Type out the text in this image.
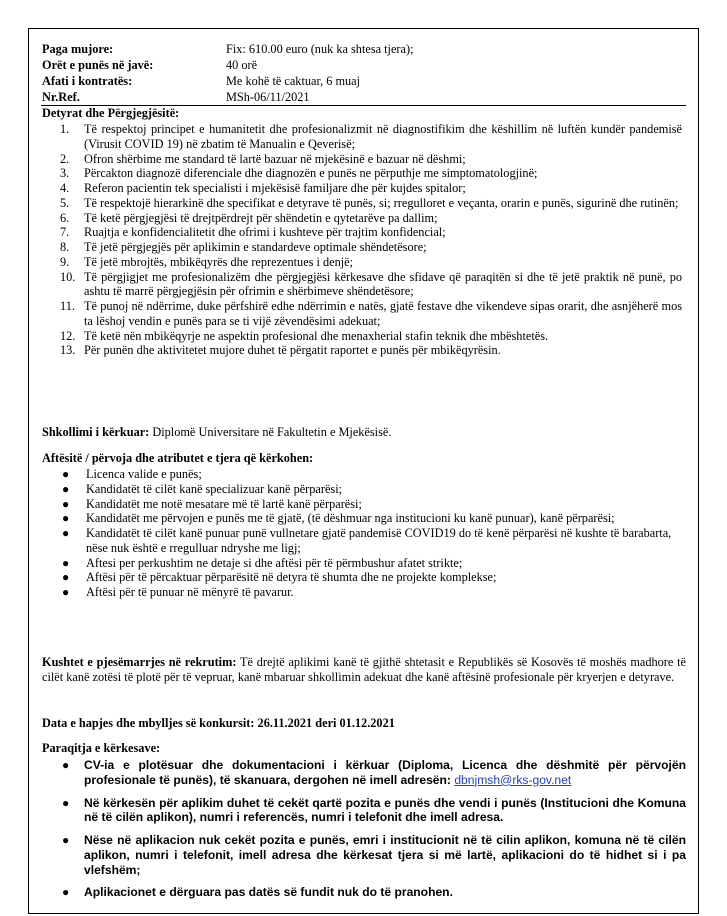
Paga mujore:	Fix: 610.00 euro (nuk ka shtesa tjera);
Orët e punës në javë:	40 orë
Afati i kontratës:	Me kohë të caktuar, 6 muaj
Nr.Ref.	MSh-06/11/2021
Detyrat dhe Përgjegjësitë:
1. Të respektoj principet e humanitetit dhe profesionalizmit në diagnostifikim dhe këshillim në luftën kundër pandemisë (Virusit COVID 19) në zbatim të Manualin e Qeverisë;
2. Ofron shërbime me standard të lartë bazuar në mjekësinë e bazuar në dëshmi;
3. Përcakton diagnozë diferenciale dhe diagnozën e punës ne përputhje me simptomatologjinë;
4. Referon pacientin tek specialisti i mjekësisë familjare dhe për kujdes spitalor;
5. Të respektojë hierarkinë dhe specifikat e detyrave të punës, si; rregulloret e veçanta, orarin e punës, sigurinë dhe rutinën;
6. Të ketë përgjegjësi të drejtpërdrejt për shëndetin e qytetarëve pa dallim;
7. Ruajtja e konfidencialitetit dhe ofrimi i kushteve për trajtim konfidencial;
8. Të jetë përgjegjës për aplikimin e standardeve optimale shëndetësore;
9. Të jetë mbrojtës, mbikëqyrës dhe reprezentues i denjë;
10. Të përgjigjet me profesionalizëm dhe përgjegjësi kërkesave dhe sfidave që paraqitën si dhe të jetë praktik në punë, po ashtu të marrë përgjegjësin për ofrimin e shërbimeve shëndetësore;
11. Të punoj në ndërrime, duke përfshirë edhe ndërrimin e natës, gjatë festave dhe vikendeve sipas orarit, dhe asnjëherë mos ta lëshoj vendin e punës para se ti vijë zëvendësimi adekuat;
12. Të ketë nën mbikëqyrje ne aspektin profesional dhe menaxherial stafin teknik dhe mbështetës.
13. Për punën dhe aktivitetet mujore duhet të përgatit raportet e punës për mbikëqyrësin.
Shkollimi i kërkuar: Diplomë Universitare në Fakultetin e Mjekësisë.
Aftësitë / përvoja dhe atributet e tjera që kërkohen:
● Licenca valide e punës;
● Kandidatët të cilët kanë specializuar kanë përparësi;
● Kandidatët me notë mesatare më të lartë kanë përparësi;
● Kandidatët me përvojen e punës me të gjatë, (të dëshmuar nga institucioni ku kanë punuar), kanë përparësi;
● Kandidatët të cilët kanë punuar punë vullnetare gjatë pandemisë COVID19 do të kenë përparësi në kushte të barabarta, nëse nuk është e rregulluar ndryshe me ligj;
● Aftesi per perkushtim ne detaje si dhe aftësi për të përmbushur afatet strikte;
● Aftësi për të përcaktuar përparësitë në detyra të shumta dhe ne projekte komplekse;
● Aftësi për të punuar në mënyrë të pavarur.
Kushtet e pjesëmarrjes në rekrutim: Të drejtë aplikimi kanë të gjithë shtetasit e Republikës së Kosovës të moshës madhore të cilët kanë zotësi të plotë për të vepruar, kanë mbaruar shkollimin adekuat dhe kanë aftësinë profesionale për kryerjen e detyrave.
Data e hapjes dhe mbylljes së konkursit: 26.11.2021 deri 01.12.2021
Paraqitja e kërkesave:
● CV-ia e plotësuar dhe dokumentacioni i kërkuar (Diploma, Licenca dhe dëshmitë për përvojën profesionale të punës), të skanuara, dergohen në imell adresën: dbnjmsh@rks-gov.net
● Në kërkesën për aplikim duhet të cekët qartë pozita e punës dhe vendi i punës (Institucioni dhe Komuna në të cilën aplikon), numri i referencës, numri i telefonit dhe imell adresa.
● Nëse në aplikacion nuk cekët pozita e punës, emri i institucionit në të cilin aplikon, komuna në të cilën aplikon, numri i telefonit, imell adresa dhe kërkesat tjera si më lartë, aplikacioni do të hidhet si i pa vlefshëm;
● Aplikacionet e dërguara pas datës së fundit nuk do të pranohen.
